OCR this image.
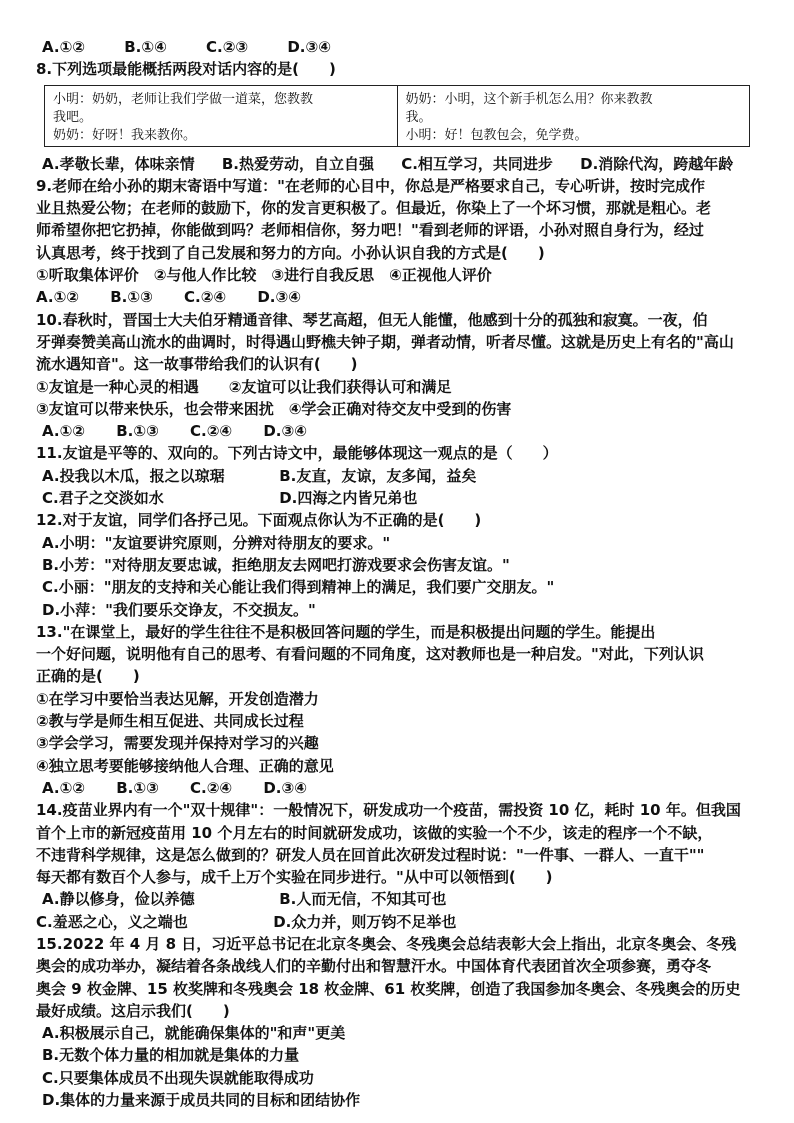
A.①②	B.①④	C.②③	D.③④
8.下列选项最能概括两段对话内容的是(　　)
小明：奶奶，老师让我们学做一道菜，您教教
我吧。
奶奶：好呀！我来教你。
奶奶：小明，这个新手机怎么用？你来教教
我。
小明：好！包教包会，免学费。
A.孝敬长辈，体味亲情 B.热爱劳动，自立自强 C.相互学习，共同进步 D.消除代沟，跨越年龄
9.老师在给小孙的期末寄语中写道："在老师的心目中，你总是严格要求自己，专心听讲，按时完成作
业且热爱公物；在老师的鼓励下，你的发言更积极了。但最近，你染上了一个坏习惯，那就是粗心。老
师希望你把它扔掉，你能做到吗？老师相信你，努力吧！"看到老师的评语，小孙对照自身行为，经过
认真思考，终于找到了自己发展和努力的方向。小孙认识自我的方式是(　　)
①听取集体评价　②与他人作比较　③进行自我反思　④正视他人评价
A.①② B.①③ C.②④ D.③④
10.春秋时，晋国士大夫伯牙精通音律、琴艺高超，但无人能懂，他感到十分的孤独和寂寞。一夜，伯
牙弹奏赞美高山流水的曲调时，时得遇山野樵夫钟子期，弹者动情，听者尽懂。这就是历史上有名的"高山
流水遇知音"。这一故事带给我们的认识有(　　)
①友谊是一种心灵的相遇　　②友谊可以让我们获得认可和满足
③友谊可以带来快乐，也会带来困扰　④学会正确对待交友中受到的伤害
A.①② B.①③ C.②④ D.③④
11.友谊是平等的、双向的。下列古诗文中，最能够体现这一观点的是（　　）
A.投我以木瓜，报之以琼琚	B.友直，友谅，友多闻，益矣
C.君子之交淡如水	D.四海之内皆兄弟也
12.对于友谊，同学们各抒己见。下面观点你认为不正确的是(　　)
A.小明："友谊要讲究原则，分辨对待朋友的要求。"
B.小芳："对待朋友要忠诚，拒绝朋友去网吧打游戏要求会伤害友谊。"
C.小丽："朋友的支持和关心能让我们得到精神上的满足，我们要广交朋友。"
D.小萍："我们要乐交诤友，不交损友。"
13."在课堂上，最好的学生往往不是积极回答问题的学生，而是积极提出问题的学生。能提出
一个好问题，说明他有自己的思考、有看问题的不同角度，这对教师也是一种启发。"对此，下列认识
正确的是(　　)
①在学习中要恰当表达见解，开发创造潜力
②教与学是师生相互促进、共同成长过程
③学会学习，需要发现并保持对学习的兴趣
④独立思考要能够接纳他人合理、正确的意见
A.①② B.①③ C.②④ D.③④
14.疫苗业界内有一个"双十规律"：一般情况下，研发成功一个疫苗，需投资 10 亿，耗时 10 年。但我国
首个上市的新冠疫苗用 10 个月左右的时间就研发成功，该做的实验一个不少，该走的程序一个不缺，
不违背科学规律，这是怎么做到的？研发人员在回首此次研发过程时说："一件事、一群人、一直干""
每天都有数百个人参与，成千上万个实验在同步进行。"从中可以领悟到(　　)
A.静以修身，俭以养德	B.人而无信，不知其可也
C.羞恶之心，义之端也	D.众力并，则万钧不足举也
15.2022 年 4 月 8 日，习近平总书记在北京冬奥会、冬残奥会总结表彰大会上指出，北京冬奥会、冬残
奥会的成功举办，凝结着各条战线人们的辛勤付出和智慧汗水。中国体育代表团首次全项参赛，勇夺冬
奥会 9 枚金牌、15 枚奖牌和冬残奥会 18 枚金牌、61 枚奖牌，创造了我国参加冬奥会、冬残奥会的历史
最好成绩。这启示我们(　　)
A.积极展示自己，就能确保集体的"和声"更美
B.无数个体力量的相加就是集体的力量
C.只要集体成员不出现失误就能取得成功
D.集体的力量来源于成员共同的目标和团结协作
